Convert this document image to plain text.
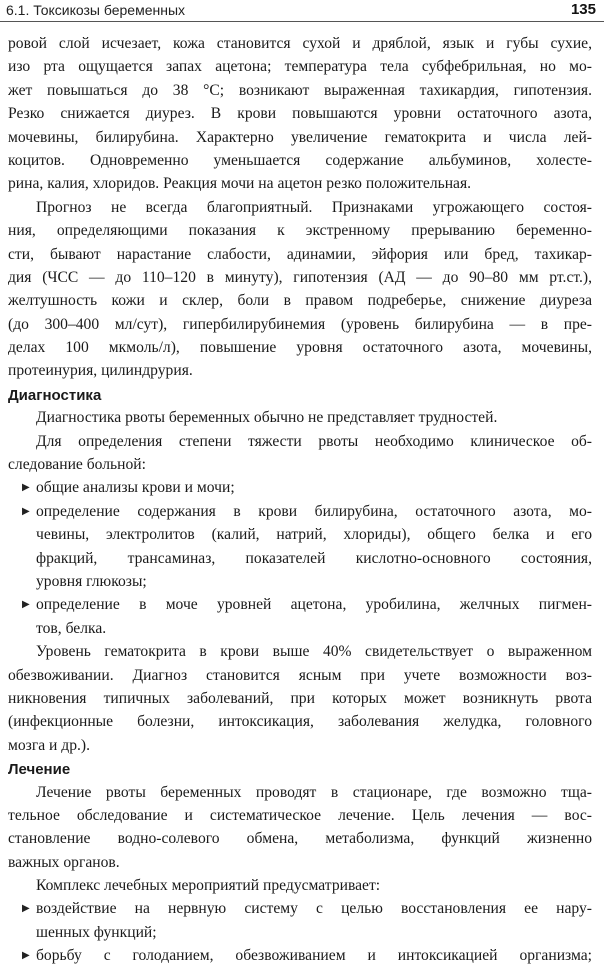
6.1. Токсикозы беременных	135
ровой слой исчезает, кожа становится сухой и дряблой, язык и губы сухие,
изо рта ощущается запах ацетона; температура тела субфебрильная, но мо-
жет повышаться до 38 °С; возникают выраженная тахикардия, гипотензия.
Резко снижается диурез. В крови повышаются уровни остаточного азота,
мочевины, билирубина. Характерно увеличение гематокрита и числа лей-
коцитов. Одновременно уменьшается содержание альбуминов, холесте-
рина, калия, хлоридов. Реакция мочи на ацетон резко положительная.
Прогноз не всегда благоприятный. Признаками угрожающего состоя-
ния, определяющими показания к экстренному прерыванию беременно-
сти, бывают нарастание слабости, адинамии, эйфория или бред, тахикар-
дия (ЧСС — до 110–120 в минуту), гипотензия (АД — до 90–80 мм рт.ст.),
желтушность кожи и склер, боли в правом подреберье, снижение диуреза
(до 300–400 мл/сут), гипербилирубинемия (уровень билирубина — в пре-
делах 100 мкмоль/л), повышение уровня остаточного азота, мочевины,
протеинурия, цилиндрурия.
Диагностика
Диагностика рвоты беременных обычно не представляет трудностей.
Для определения степени тяжести рвоты необходимо клиническое об-
следование больной:
▶ общие анализы крови и мочи;
▶ определение содержания в крови билирубина, остаточного азота, мо-
чевины, электролитов (калий, натрий, хлориды), общего белка и его
фракций, трансаминаз, показателей кислотно-основного состояния,
уровня глюкозы;
▶ определение в моче уровней ацетона, уробилина, желчных пигмен-
тов, белка.
Уровень гематокрита в крови выше 40% свидетельствует о выраженном
обезвоживании. Диагноз становится ясным при учете возможности воз-
никновения типичных заболеваний, при которых может возникнуть рвота
(инфекционные болезни, интоксикация, заболевания желудка, головного
мозга и др.).
Лечение
Лечение рвоты беременных проводят в стационаре, где возможно тща-
тельное обследование и систематическое лечение. Цель лечения — вос-
становление водно-солевого обмена, метаболизма, функций жизненно
важных органов.
Комплекс лечебных мероприятий предусматривает:
▶ воздействие на нервную систему с целью восстановления ее нару-
шенных функций;
▶ борьбу с голоданием, обезвоживанием и интоксикацией организма;
